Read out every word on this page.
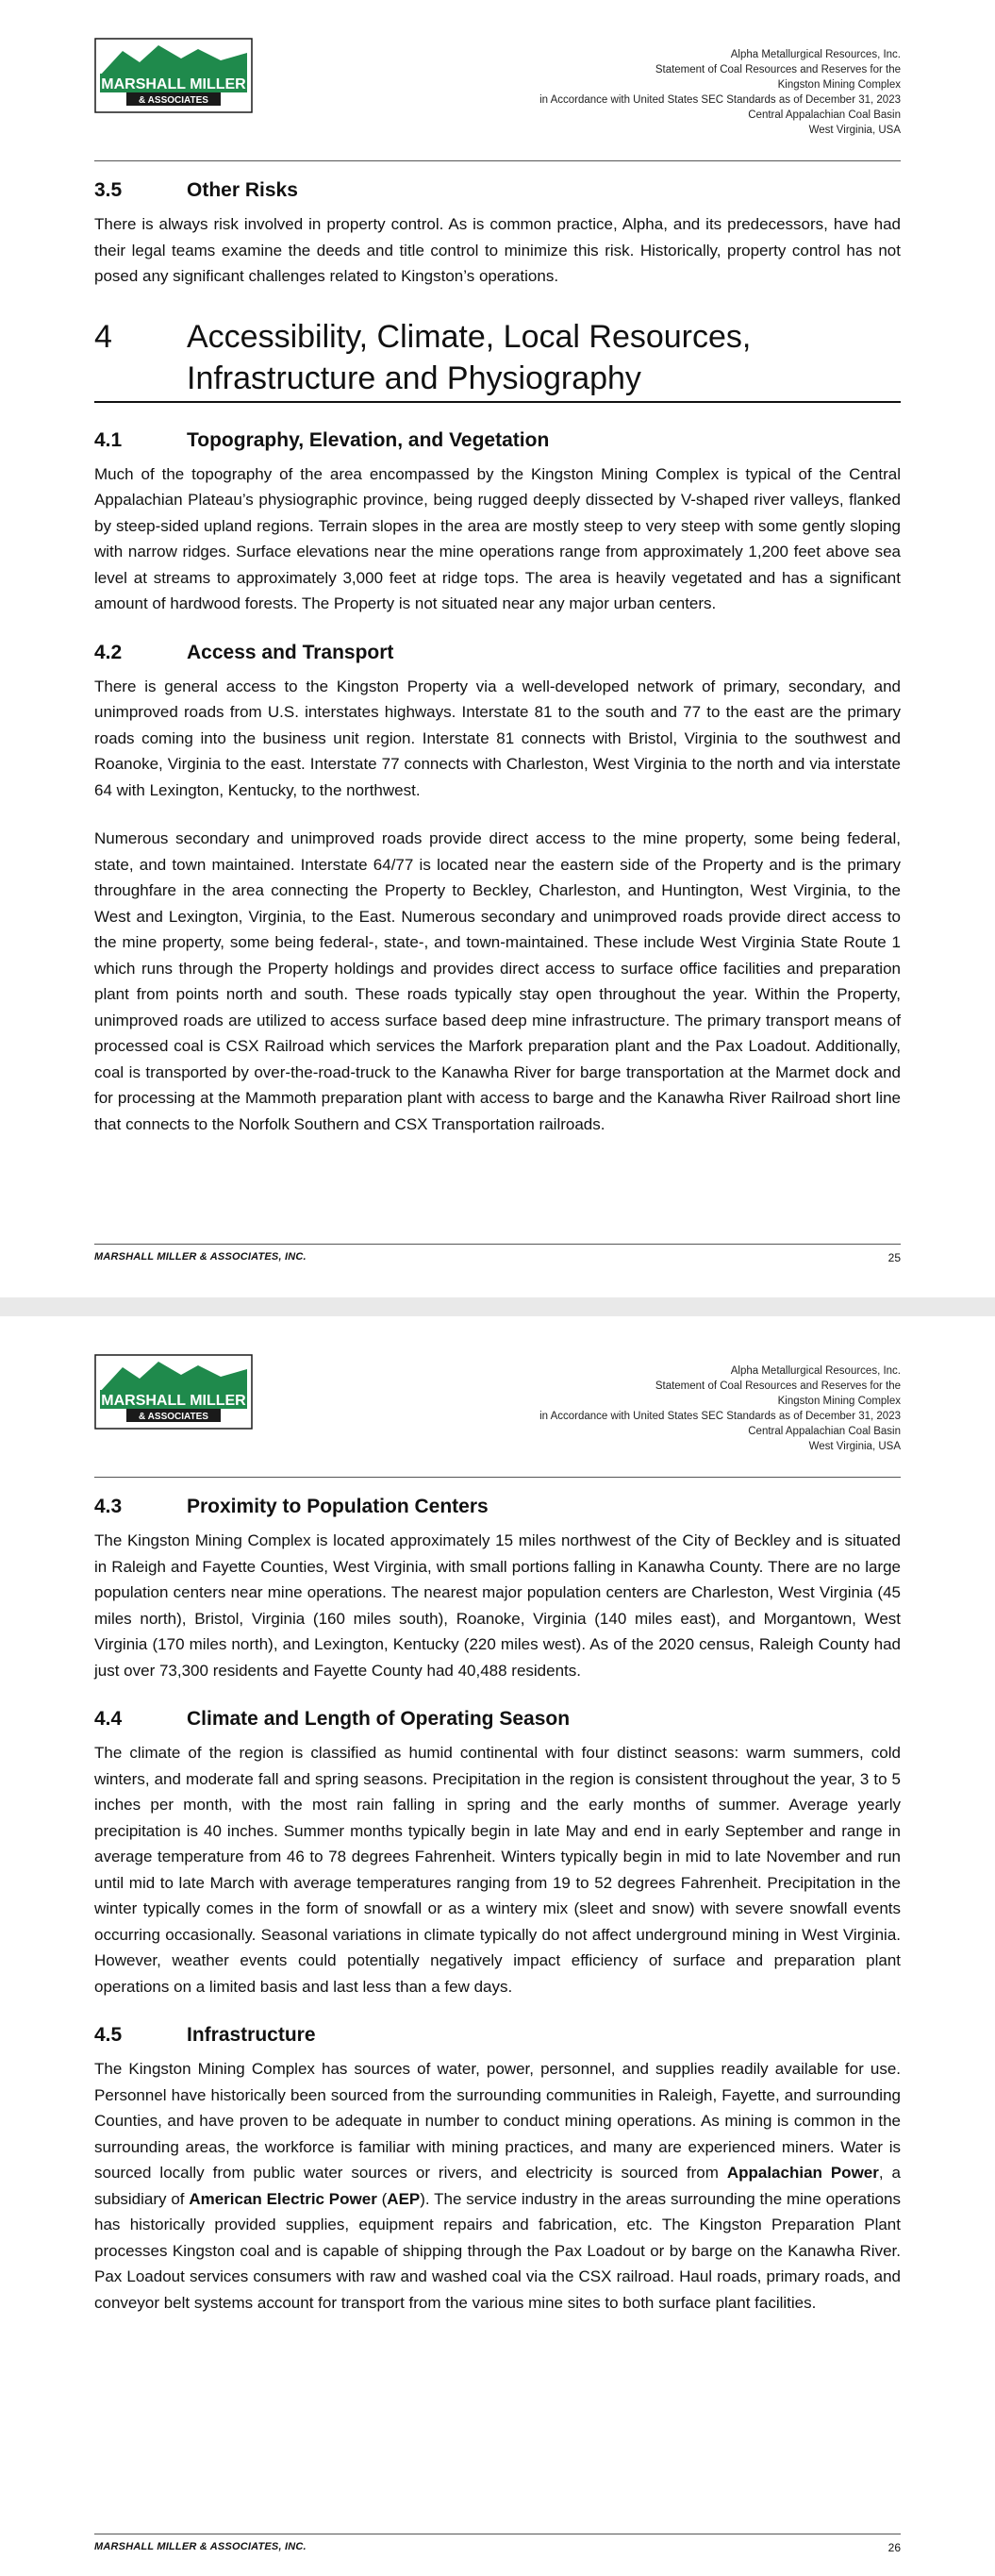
MARSHALL MILLER
& ASSOCIATES
Alpha Metallurgical Resources, Inc.
Statement of Coal Resources and Reserves for the
Kingston Mining Complex
in Accordance with United States SEC Standards as of December 31, 2023
Central Appalachian Coal Basin
West Virginia, USA
3.5	Other Risks

There is always risk involved in property control. As is common practice, Alpha, and its predecessors, have had their legal teams examine the deeds and title control to minimize this risk. Historically, property control has not posed any significant challenges related to Kingston’s operations.

4	Accessibility, Climate, Local Resources, Infrastructure and Physiography
4.1	Topography, Elevation, and Vegetation

Much of the topography of the area encompassed by the Kingston Mining Complex is typical of the Central Appalachian Plateau’s physiographic province, being rugged deeply dissected by V-shaped river valleys, flanked by steep-sided upland regions. Terrain slopes in the area are mostly steep to very steep with some gently sloping with narrow ridges. Surface elevations near the mine operations range from approximately 1,200 feet above sea level at streams to approximately 3,000 feet at ridge tops. The area is heavily vegetated and has a significant amount of hardwood forests. The Property is not situated near any major urban centers.

4.2	Access and Transport

There is general access to the Kingston Property via a well-developed network of primary, secondary, and unimproved roads from U.S. interstates highways. Interstate 81 to the south and 77 to the east are the primary roads coming into the business unit region. Interstate 81 connects with Bristol, Virginia to the southwest and Roanoke, Virginia to the east. Interstate 77 connects with Charleston, West Virginia to the north and via interstate 64 with Lexington, Kentucky, to the northwest.

Numerous secondary and unimproved roads provide direct access to the mine property, some being federal, state, and town maintained. Interstate 64/77 is located near the eastern side of the Property and is the primary throughfare in the area connecting the Property to Beckley, Charleston, and Huntington, West Virginia, to the West and Lexington, Virginia, to the East. Numerous secondary and unimproved roads provide direct access to the mine property, some being federal-, state-, and town-maintained. These include West Virginia State Route 1 which runs through the Property holdings and provides direct access to surface office facilities and preparation plant from points north and south. These roads typically stay open throughout the year. Within the Property, unimproved roads are utilized to access surface based deep mine infrastructure. The primary transport means of processed coal is CSX Railroad which services the Marfork preparation plant and the Pax Loadout. Additionally, coal is transported by over-the-road-truck to the Kanawha River for barge transportation at the Marmet dock and for processing at the Mammoth preparation plant with access to barge and the Kanawha River Railroad short line that connects to the Norfolk Southern and CSX Transportation railroads.

MARSHALL MILLER & ASSOCIATES, INC.	25
MARSHALL MILLER
& ASSOCIATES
Alpha Metallurgical Resources, Inc.
Statement of Coal Resources and Reserves for the
Kingston Mining Complex
in Accordance with United States SEC Standards as of December 31, 2023
Central Appalachian Coal Basin
West Virginia, USA
4.3	Proximity to Population Centers

The Kingston Mining Complex is located approximately 15 miles northwest of the City of Beckley and is situated in Raleigh and Fayette Counties, West Virginia, with small portions falling in Kanawha County. There are no large population centers near mine operations. The nearest major population centers are Charleston, West Virginia (45 miles north), Bristol, Virginia (160 miles south), Roanoke, Virginia (140 miles east), and Morgantown, West Virginia (170 miles north), and Lexington, Kentucky (220 miles west). As of the 2020 census, Raleigh County had just over 73,300 residents and Fayette County had 40,488 residents.

4.4	Climate and Length of Operating Season

The climate of the region is classified as humid continental with four distinct seasons: warm summers, cold winters, and moderate fall and spring seasons. Precipitation in the region is consistent throughout the year, 3 to 5 inches per month, with the most rain falling in spring and the early months of summer. Average yearly precipitation is 40 inches. Summer months typically begin in late May and end in early September and range in average temperature from 46 to 78 degrees Fahrenheit. Winters typically begin in mid to late November and run until mid to late March with average temperatures ranging from 19 to 52 degrees Fahrenheit. Precipitation in the winter typically comes in the form of snowfall or as a wintery mix (sleet and snow) with severe snowfall events occurring occasionally. Seasonal variations in climate typically do not affect underground mining in West Virginia. However, weather events could potentially negatively impact efficiency of surface and preparation plant operations on a limited basis and last less than a few days.

4.5	Infrastructure

The Kingston Mining Complex has sources of water, power, personnel, and supplies readily available for use. Personnel have historically been sourced from the surrounding communities in Raleigh, Fayette, and surrounding Counties, and have proven to be adequate in number to conduct mining operations. As mining is common in the surrounding areas, the workforce is familiar with mining practices, and many are experienced miners. Water is sourced locally from public water sources or rivers, and electricity is sourced from Appalachian Power, a subsidiary of American Electric Power (AEP). The service industry in the areas surrounding the mine operations has historically provided supplies, equipment repairs and fabrication, etc. The Kingston Preparation Plant processes Kingston coal and is capable of shipping through the Pax Loadout or by barge on the Kanawha River. Pax Loadout services consumers with raw and washed coal via the CSX railroad. Haul roads, primary roads, and conveyor belt systems account for transport from the various mine sites to both surface plant facilities.

MARSHALL MILLER & ASSOCIATES, INC.	26
